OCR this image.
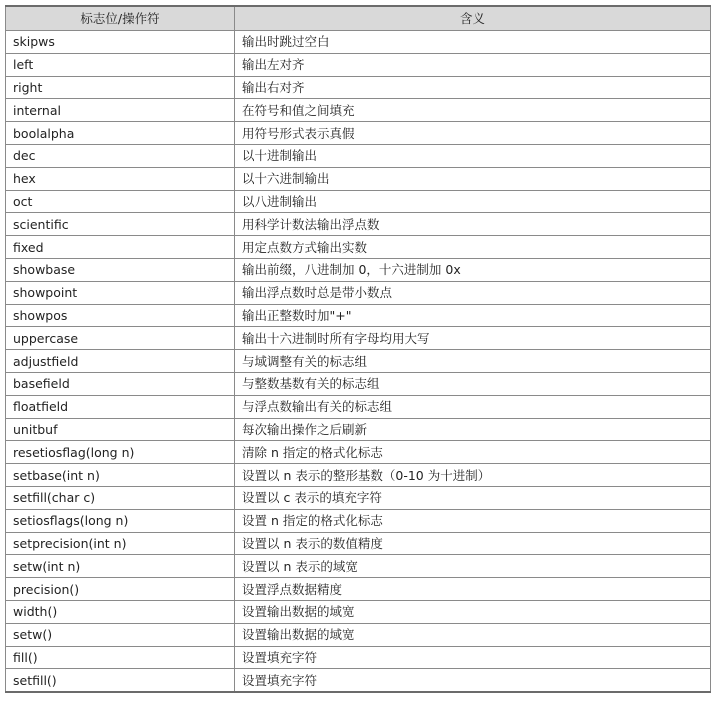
标志位/操作符	含义
skipws	输出时跳过空白
left	输出左对齐
right	输出右对齐
internal	在符号和值之间填充
boolalpha	用符号形式表示真假
dec	以十进制输出
hex	以十六进制输出
oct	以八进制输出
scientific	用科学计数法输出浮点数
fixed	用定点数方式输出实数
showbase	输出前缀，八进制加 0，十六进制加 0x
showpoint	输出浮点数时总是带小数点
showpos	输出正整数时加"+"
uppercase	输出十六进制时所有字母均用大写
adjustfield	与域调整有关的标志组
basefield	与整数基数有关的标志组
floatfield	与浮点数输出有关的标志组
unitbuf	每次输出操作之后刷新
resetiosflag(long n)	清除 n 指定的格式化标志
setbase(int n)	设置以 n 表示的整形基数（0-10 为十进制）
setfill(char c)	设置以 c 表示的填充字符
setiosflags(long n)	设置 n 指定的格式化标志
setprecision(int n)	设置以 n 表示的数值精度
setw(int n)	设置以 n 表示的域宽
precision()	设置浮点数据精度
width()	设置输出数据的域宽
setw()	设置输出数据的域宽
fill()	设置填充字符
setfill()	设置填充字符
